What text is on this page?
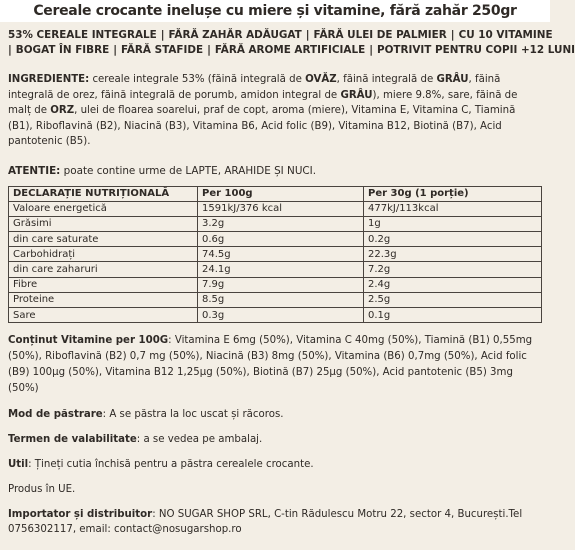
Cereale crocante inelușe cu miere și vitamine, fără zahăr 250gr
53% CEREALE INTEGRALE | FĂRĂ ZAHĂR ADĂUGAT | FĂRĂ ULEI DE PALMIER | CU 10 VITAMINE
| BOGAT ÎN FIBRE | FĂRĂ STAFIDE | FĂRĂ AROME ARTIFICIALE | POTRIVIT PENTRU COPII +12 LUNI
INGREDIENTE: cereale integrale 53% (făină integrală de OVĂZ, făină integrală de GRÂU, făină integrală de orez, făină integrală de porumb, amidon integral de GRÂU), miere 9.8%, sare, făină de malț de ORZ, ulei de floarea soarelui, praf de copt, aroma (miere), Vitamina E, Vitamina C, Tiamină (B1), Riboflavină (B2), Niacină (B3), Vitamina B6, Acid folic (B9), Vitamina B12, Biotină (B7), Acid pantotenic (B5).
ATENTIE: poate contine urme de LAPTE, ARAHIDE ȘI NUCI.
DECLARAȚIE NUTRIȚIONALĂ	Per 100g	Per 30g (1 porție)
Valoare energetică	1591kJ/376 kcal	477kJ/113kcal
Grăsimi	3.2g	1g
din care saturate	0.6g	0.2g
Carbohidrați	74.5g	22.3g
din care zaharuri	24.1g	7.2g
Fibre	7.9g	2.4g
Proteine	8.5g	2.5g
Sare	0.3g	0.1g
Conținut Vitamine per 100G: Vitamina E 6mg (50%), Vitamina C 40mg (50%), Tiamină (B1) 0,55mg (50%), Riboflavină (B2) 0,7 mg (50%), Niacină (B3) 8mg (50%), Vitamina (B6) 0,7mg (50%), Acid folic (B9) 100μg (50%), Vitamina B12 1,25μg (50%), Biotină (B7) 25μg (50%), Acid pantotenic (B5) 3mg (50%)
Mod de păstrare: A se păstra la loc uscat și răcoros.
Termen de valabilitate: a se vedea pe ambalaj.
Util: Țineți cutia închisă pentru a păstra cerealele crocante.
Produs în UE.
Importator și distribuitor: NO SUGAR SHOP SRL, C-tin Rădulescu Motru 22, sector 4, București.Tel 0756302117, email: contact@nosugarshop.ro
